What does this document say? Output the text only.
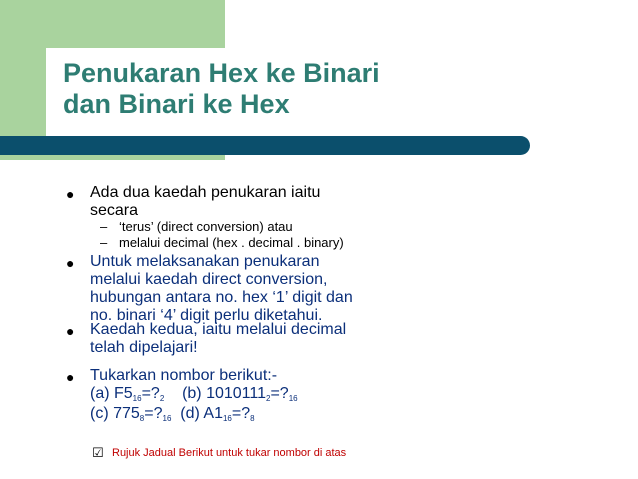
Penukaran Hex ke Binari
dan Binari ke Hex
● Ada dua kaedah penukaran iaitu
secara

– ‘terus’ (direct conversion) atau

– melalui decimal (hex . decimal . binary)

● Untuk melaksanakan penukaran
melalui kaedah direct conversion,
hubungan antara no. hex ‘1’ digit dan
no. binari ‘4’ digit perlu diketahui.

● Kaedah kedua, iaitu melalui decimal
telah dipelajari!

● Tukarkan nombor berikut:-
(a) F516=?2 (b) 10101112=?16
(c) 7758=?16 (d) A116=?8

☑ Rujuk Jadual Berikut untuk tukar nombor di atas
